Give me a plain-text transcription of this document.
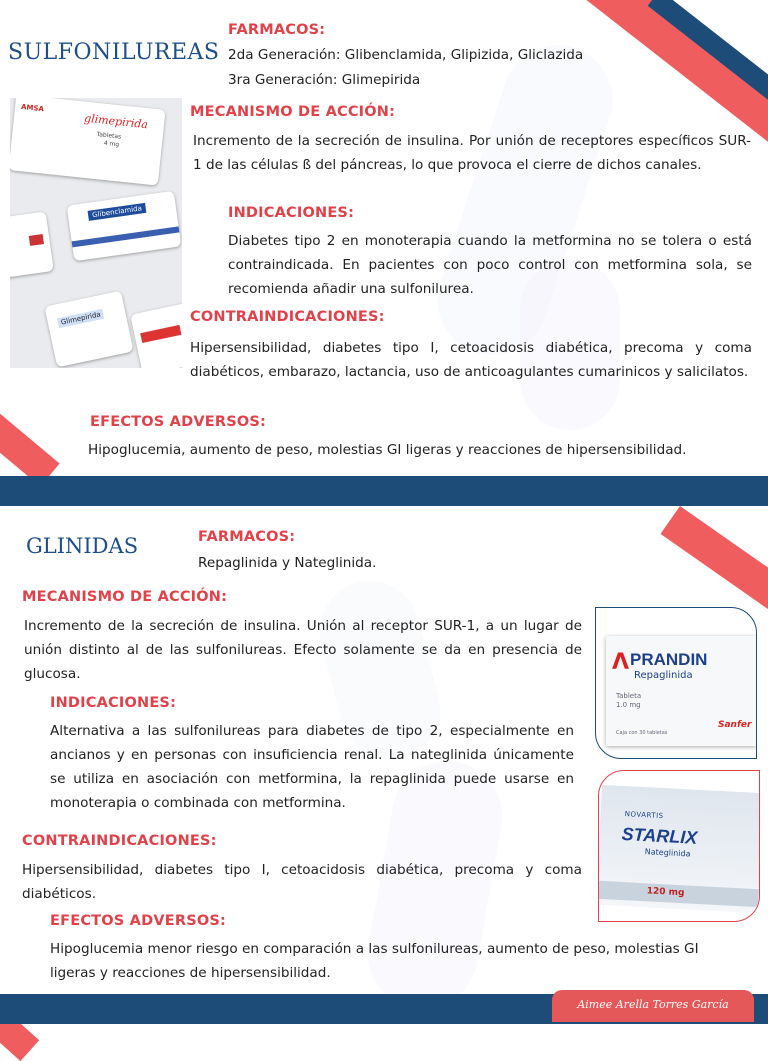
SULFONILUREAS
FARMACOS:
2da Generación: Glibenclamida, Glipizida, Gliclazida
3ra Generación: Glimepirida
AMSA
glimepirida
Tabletas
4 mg
Glibenclamida
Glimepirida
MECANISMO DE ACCIÓN:
Incremento de la secreción de insulina. Por unión de receptores específicos SUR-1 de las células ß del páncreas, lo que provoca el cierre de dichos canales.
INDICACIONES:
Diabetes tipo 2 en monoterapia cuando la metformina no se tolera o está contraindicada. En pacientes con poco control con metformina sola, se recomienda añadir una sulfonilurea.
CONTRAINDICACIONES:
Hipersensibilidad, diabetes tipo I, cetoacidosis diabética, precoma y coma diabéticos, embarazo, lactancia, uso de anticoagulantes cumarinicos y salicilatos.
EFECTOS ADVERSOS:
Hipoglucemia, aumento de peso, molestias GI ligeras y reacciones de hipersensibilidad.
GLINIDAS	FARMACOS:
Repaglinida y Nateglinida.
MECANISMO DE ACCIÓN:
Incremento de la secreción de insulina. Unión al receptor SUR-1, a un lugar de unión distinto al de las sulfonilureas. Efecto solamente se da en presencia de glucosa.
INDICACIONES:
Alternativa a las sulfonilureas para diabetes de tipo 2, especialmente en ancianos y en personas con insuficiencia renal. La nateglinida únicamente se utiliza en asociación con metformina, la repaglinida puede usarse en monoterapia o combinada con metformina.
CONTRAINDICACIONES:
Hipersensibilidad, diabetes tipo I, cetoacidosis diabética, precoma y coma diabéticos.
EFECTOS ADVERSOS:
Hipoglucemia menor riesgo en comparación a las sulfonilureas, aumento de peso, molestias GI ligeras y reacciones de hipersensibilidad.
Λ PRANDIN
Repaglinida
Tableta
1.0 mg
Caja con 30 tabletas
Sanfer
NOVARTIS
STARLIX
Nateglinida
120 mg
Aimee Arella Torres García
